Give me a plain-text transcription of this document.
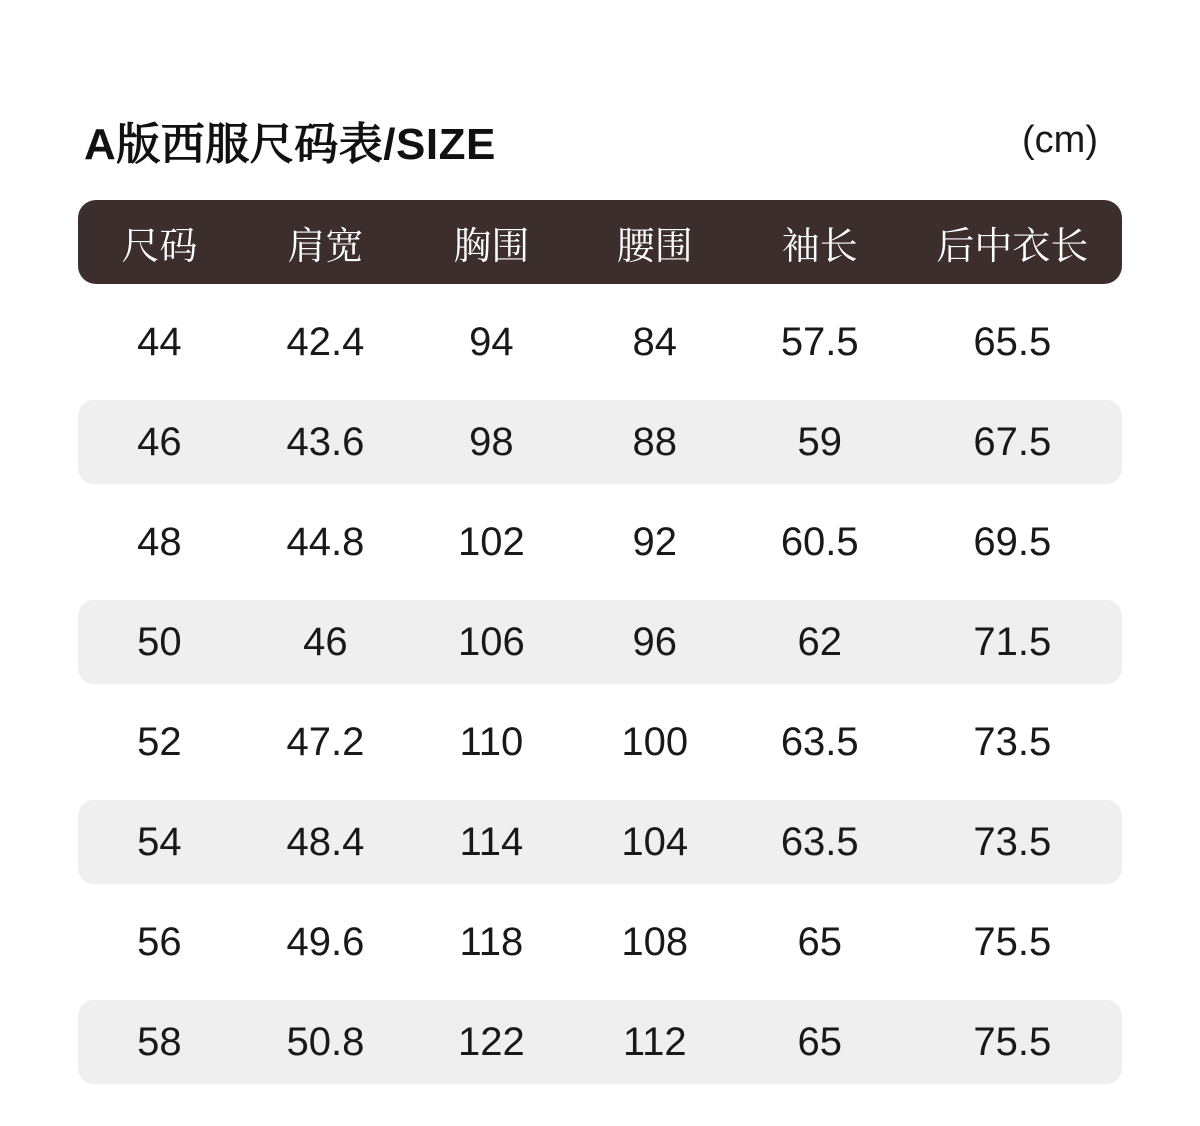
A版西服尺码表/SIZE	(cm)
尺码	肩宽	胸围	腰围	袖长	后中衣长
44	42.4	94	84	57.5	65.5
46	43.6	98	88	59	67.5
48	44.8	102	92	60.5	69.5
50	46	106	96	62	71.5
52	47.2	110	100	63.5	73.5
54	48.4	114	104	63.5	73.5
56	49.6	118	108	65	75.5
58	50.8	122	112	65	75.5
